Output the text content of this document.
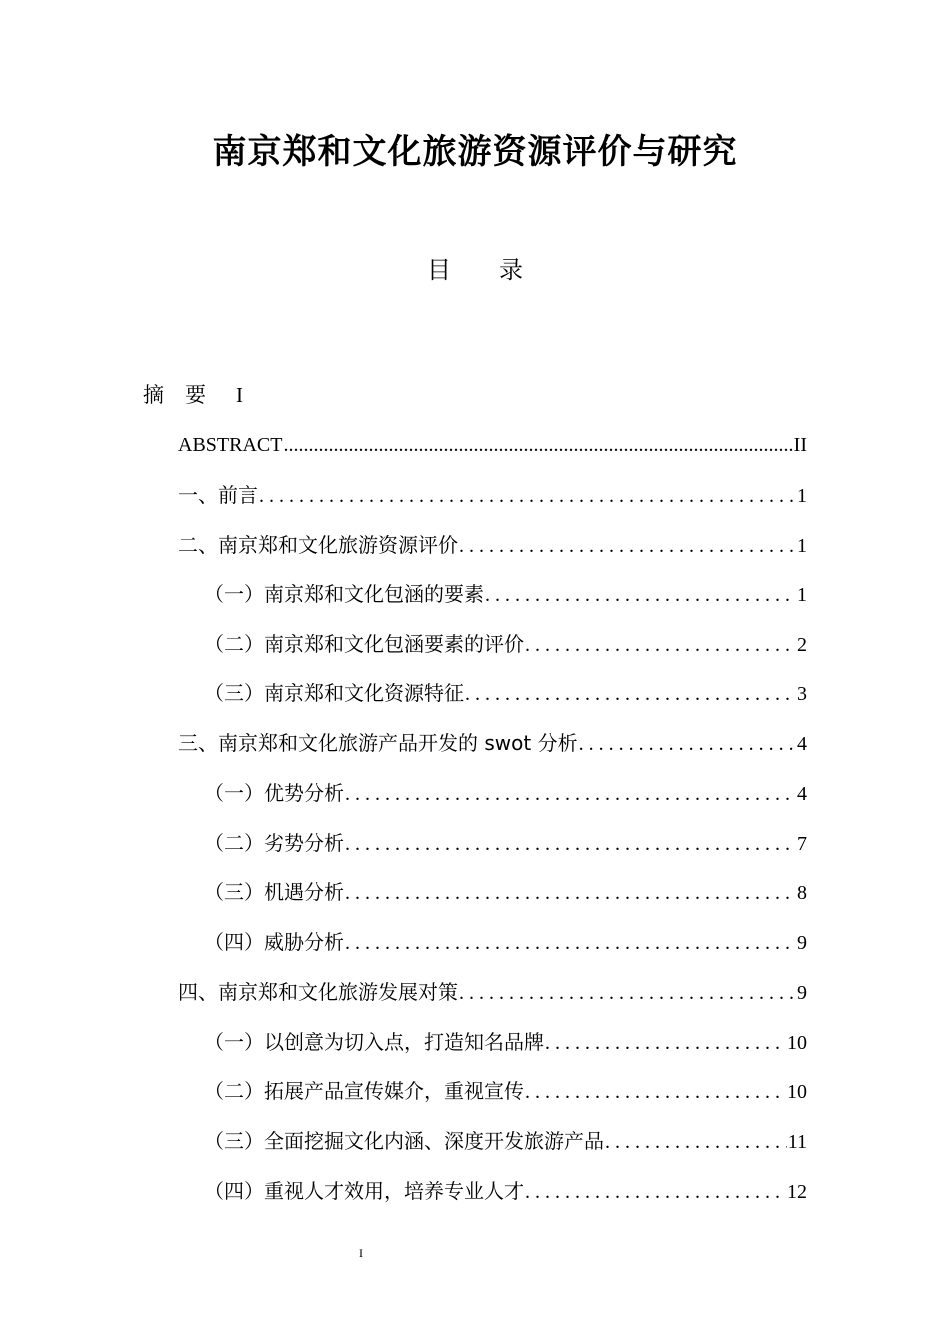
南京郑和文化旅游资源评价与研究
目 录
摘　要 I
ABSTRACT .....	II
一、前言 .....	1
二、南京郑和文化旅游资源评价 .....	1
（一）南京郑和文化包涵的要素 .....	1
（二）南京郑和文化包涵要素的评价 .....	2
（三）南京郑和文化资源特征 .....	3
三、南京郑和文化旅游产品开发的 swot 分析 .....	4
（一）优势分析 .....	4
（二）劣势分析 .....	7
（三）机遇分析 .....	8
（四）威胁分析 .....	9
四、南京郑和文化旅游发展对策 .....	9
（一）以创意为切入点，打造知名品牌 .....	10
（二）拓展产品宣传媒介，重视宣传 .....	10
（三）全面挖掘文化内涵、深度开发旅游产品 .....	11
（四）重视人才效用，培养专业人才 .....	12
I
